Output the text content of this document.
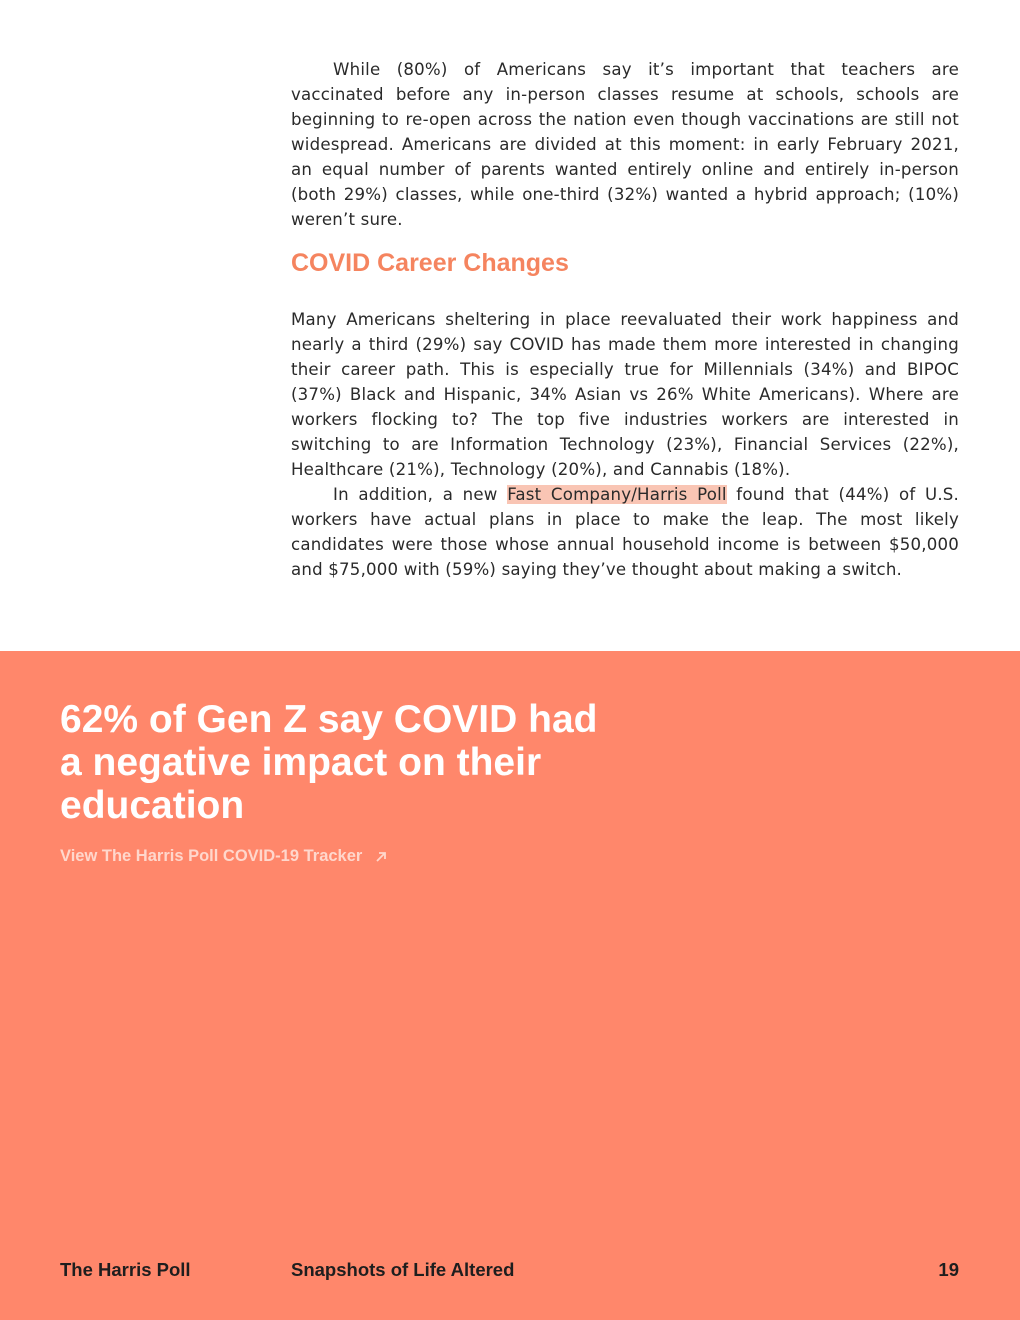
While (80%) of Americans say it’s important that teachers are vaccinated before any in-person classes resume at schools, schools are beginning to re-open across the nation even though vaccinations are still not widespread. Americans are divided at this moment: in early February 2021, an equal number of parents wanted entirely online and entirely in-person (both 29%) classes, while one-third (32%) wanted a hybrid approach; (10%) weren’t sure.

COVID Career Changes

Many Americans sheltering in place reevaluated their work happiness and nearly a third (29%) say COVID has made them more interested in changing their career path. This is especially true for Millennials (34%) and BIPOC (37%) Black and Hispanic, 34% Asian vs 26% White Americans). Where are workers flocking to? The top five industries workers are interested in switching to are Information Technology (23%), Financial Services (22%), Healthcare (21%), Technology (20%), and Cannabis (18%).

In addition, a new Fast Company/Harris Poll found that (44%) of U.S. workers have actual plans in place to make the leap. The most likely candidates were those whose annual household income is between $50,000 and $75,000 with (59%) saying they’ve thought about making a switch.

62% of Gen Z say COVID had a negative impact on their education
View The Harris Poll COVID-19 Tracker
The Harris Poll	Snapshots of Life Altered	19
